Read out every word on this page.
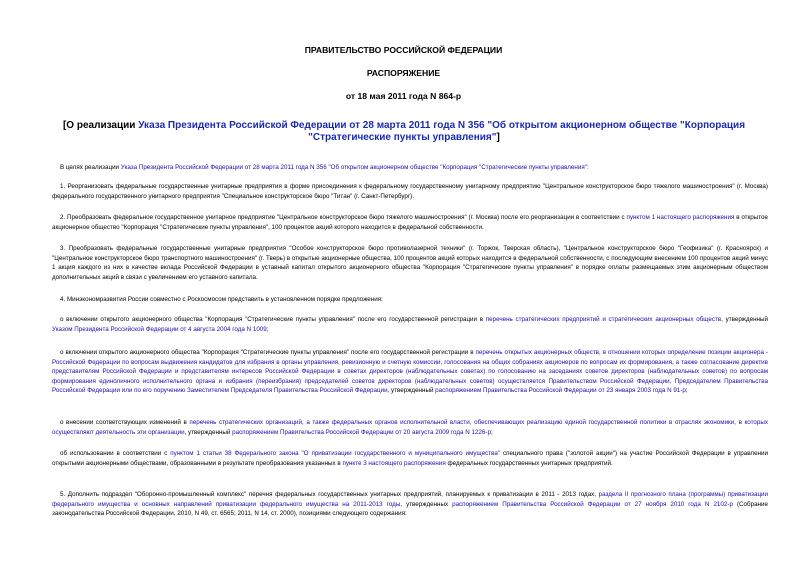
ПРАВИТЕЛЬСТВО РОССИЙСКОЙ ФЕДЕРАЦИИ
РАСПОРЯЖЕНИЕ
от 18 мая 2011 года N 864-р
[О реализации Указа Президента Российской Федерации от 28 марта 2011 года N 356 "Об открытом акционерном обществе "Корпорация "Стратегические пункты управления"]
В целях реализации Указа Президента Российской Федерации от 28 марта 2011 года N 356 "Об открытом акционерном обществе "Корпорация "Стратегические пункты управления":
1. Реорганизовать федеральные государственные унитарные предприятия в форме присоединения к федеральному государственному унитарному предприятию "Центральное конструкторское бюро тяжелого машиностроения" (г. Москва) федерального государственного унитарного предприятия "Специальное конструкторское бюро "Титан" (г. Санкт-Петербург).
2. Преобразовать федеральное государственное унитарное предприятие "Центральное конструкторское бюро тяжелого машиностроения" (г. Москва) после его реорганизации в соответствии с пунктом 1 настоящего распоряжения в открытое акционерное общество "Корпорация "Стратегические пункты управления", 100 процентов акций которого находится в федеральной собственности.
3. Преобразовать федеральные государственные унитарные предприятия "Особое конструкторское бюро противолазерной техники" (г. Торжок, Тверская область), "Центральное конструкторское бюро "Геофизика" (г. Красноярск) и "Центральное конструкторское бюро транспортного машиностроения" (г. Тверь) в открытые акционерные общества, 100 процентов акций которых находится в федеральной собственности, с последующим внесением 100 процентов акций минус 1 акция каждого из них в качестве вклада Российской Федерации в уставный капитал открытого акционерного общества "Корпорация "Стратегические пункты управления" в порядке оплаты размещаемых этим акционерным обществом дополнительных акций в связи с увеличением его уставного капитала.
4. Минэкономразвития России совместно с Роскосмосом представить в установленном порядке предложения:
о включении открытого акционерного общества "Корпорация "Стратегические пункты управления" после его государственной регистрации в перечень стратегических предприятий и стратегических акционерных обществ, утвержденный Указом Президента Российской Федерации от 4 августа 2004 года N 1009;
о включении открытого акционерного общества "Корпорация "Стратегические пункты управления" после его государственной регистрации в перечень открытых акционерных обществ, в отношении которых определение позиции акционера - Российской Федерации по вопросам выдвижения кандидатов для избрания в органы управления, ревизионную и счетную комиссии, голосования на общих собраниях акционеров по вопросам их формирования, а также согласование директив представителям Российской Федерации и представителям интересов Российской Федерации в советах директоров (наблюдательных советах) по голосованию на заседаниях советов директоров (наблюдательных советов) по вопросам формирования единоличного исполнительного органа и избрания (переизбрания) председателей советов директоров (наблюдательных советов) осуществляется Правительством Российской Федерации, Председателем Правительства Российской Федерации или по его поручению Заместителем Председателя Правительства Российской Федерации, утвержденный распоряжением Правительства Российской Федерации от 23 января 2003 года N 91-р;
о внесении соответствующих изменений в перечень стратегических организаций, а также федеральных органов исполнительной власти, обеспечивающих реализацию единой государственной политики в отраслях экономики, в которых осуществляют деятельность эти организации, утвержденный распоряжением Правительства Российской Федерации от 20 августа 2009 года N 1226-р;
об использовании в соответствии с пунктом 1 статьи 38 Федерального закона "О приватизации государственного и муниципального имущества" специального права ("золотой акции") на участие Российской Федерации в управлении открытыми акционерными обществами, образованными в результате преобразования указанных в пункте 3 настоящего распоряжения федеральных государственных унитарных предприятий.
5. Дополнить подраздел "Оборонно-промышленный комплекс" перечня федеральных государственных унитарных предприятий, планируемых к приватизации в 2011 - 2013 годах, раздела II прогнозного плана (программы) приватизации федерального имущества и основных направлений приватизации федерального имущества на 2011-2013 годы, утвержденных распоряжением Правительства Российской Федерации от 27 ноября 2010 года N 2102-р (Собрание законодательства Российской Федерации, 2010, N 49, ст. 6565; 2011, N 14, ст. 2000), позициями следующего содержания:
